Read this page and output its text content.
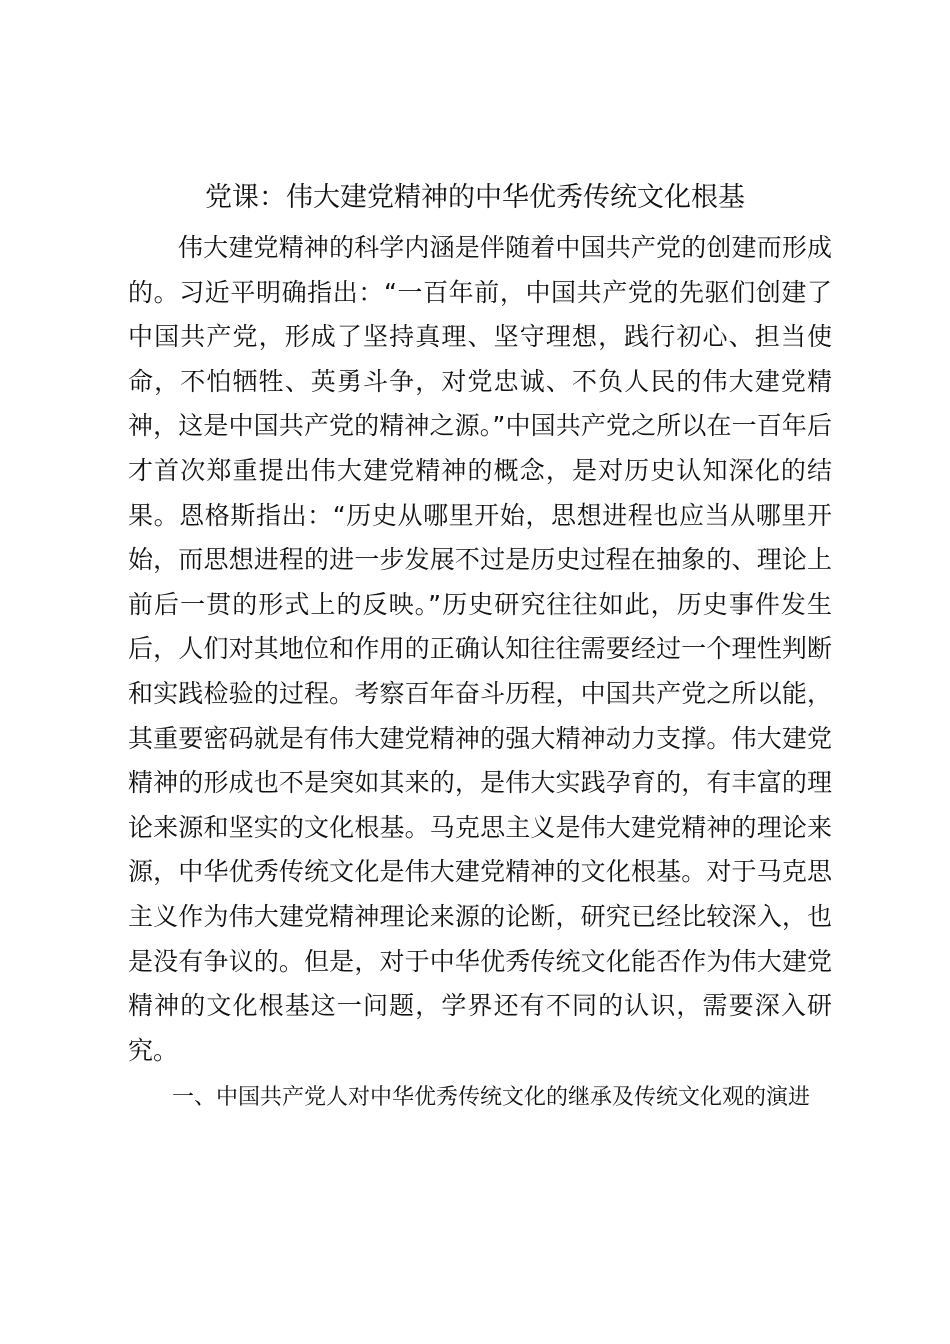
党课：伟大建党精神的中华优秀传统文化根基

伟大建党精神的科学内涵是伴随着中国共产党的创建而形成的。习近平明确指出：“一百年前，中国共产党的先驱们创建了中国共产党，形成了坚持真理、坚守理想，践行初心、担当使命，不怕牺牲、英勇斗争，对党忠诚、不负人民的伟大建党精神，这是中国共产党的精神之源。”中国共产党之所以在一百年后才首次郑重提出伟大建党精神的概念，是对历史认知深化的结果。恩格斯指出：“历史从哪里开始，思想进程也应当从哪里开始，而思想进程的进一步发展不过是历史过程在抽象的、理论上前后一贯的形式上的反映。”历史研究往往如此，历史事件发生后，人们对其地位和作用的正确认知往往需要经过一个理性判断和实践检验的过程。考察百年奋斗历程，中国共产党之所以能，其重要密码就是有伟大建党精神的强大精神动力支撑。伟大建党精神的形成也不是突如其来的，是伟大实践孕育的，有丰富的理论来源和坚实的文化根基。马克思主义是伟大建党精神的理论来源，中华优秀传统文化是伟大建党精神的文化根基。对于马克思主义作为伟大建党精神理论来源的论断，研究已经比较深入，也是没有争议的。但是，对于中华优秀传统文化能否作为伟大建党精神的文化根基这一问题，学界还有不同的认识，需要深入研究。

一、中国共产党人对中华优秀传统文化的继承及传统文化观的演进
